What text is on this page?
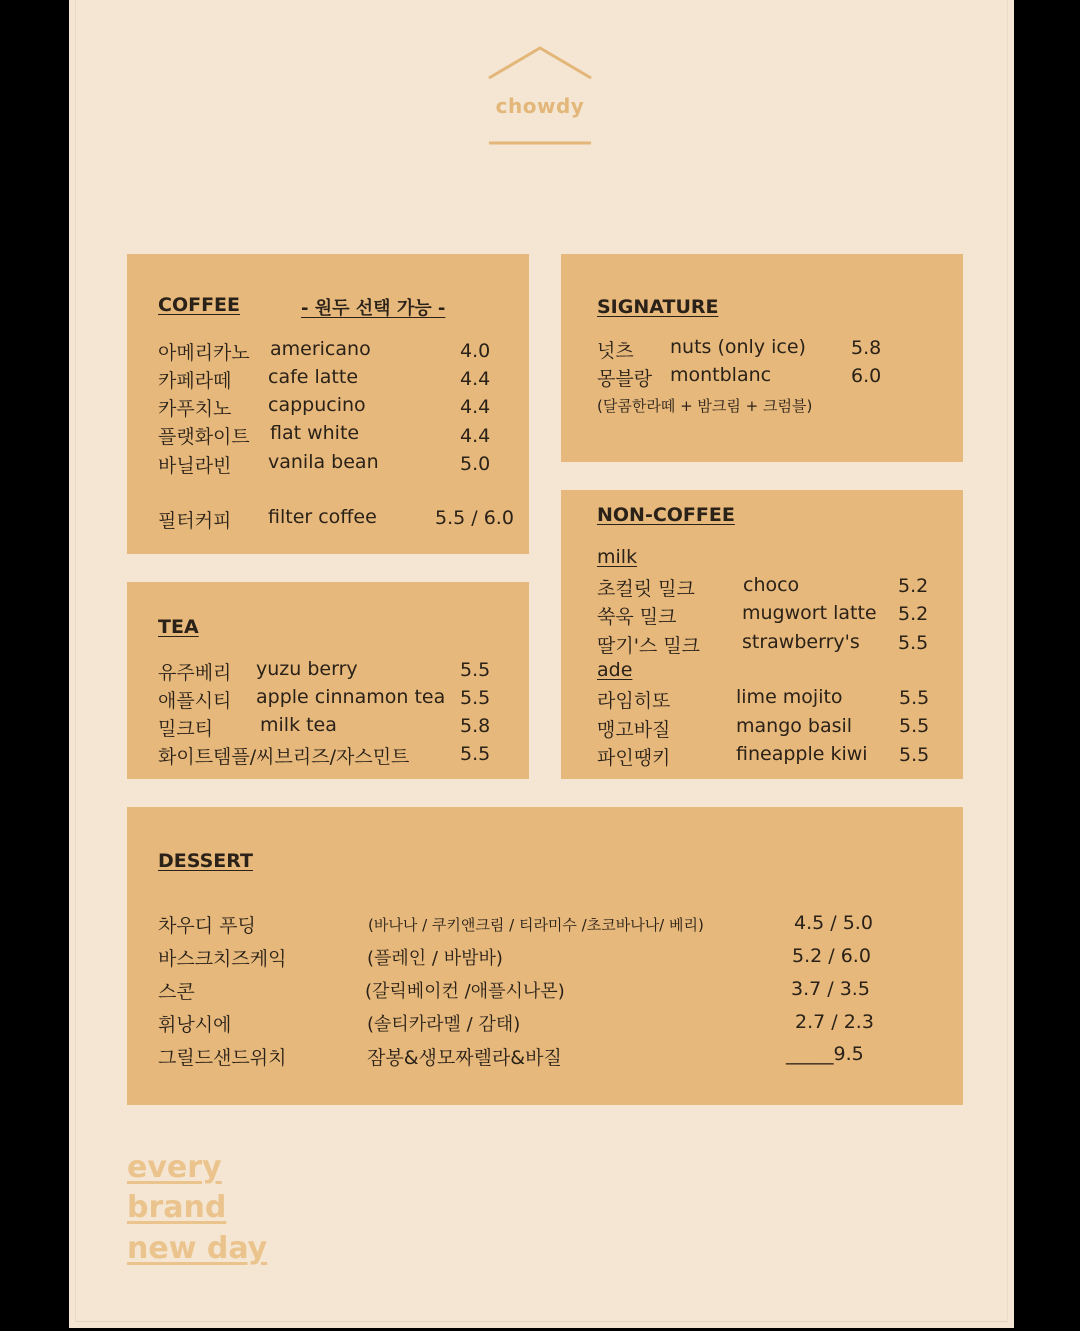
chowdy
COFFEE	- 원두 선택 가능 -
아메리카노 americano	4.0
카페라떼 cafe latte	4.4
카푸치노 cappucino	4.4
플랫화이트 flat white	4.4
바닐라빈 vanila bean	5.0
필터커피 filter coffee	5.5 / 6.0
TEA
유주베리 yuzu berry	5.5
애플시티 apple cinnamon tea 5.5
밀크티 milk tea	5.8
화이트템플/씨브리즈/자스민트	5.5
SIGNATURE
넛츠 nuts (only ice) 5.8
몽블랑 montblanc	6.0
(달콤한라떼 + 밤크림 + 크럼블)
NON-COFFEE
milk
초컬릿 밀크	choco	5.2
쑥욱 밀크	mugwort latte 5.2
딸기'스 밀크 strawberry's 5.5
ade
라임히또	lime mojito	5.5
맹고바질	mango basil 5.5
파인땡키	fineapple kiwi 5.5
DESSERT
차우디 푸딩	(바나나 / 쿠키앤크림 / 티라미수 /초코바나나/ 베리)	4.5 / 5.0
바스크치즈케익	(플레인 / 바밤바)	5.2 / 6.0
스콘	(갈릭베이컨 /애플시나몬)	3.7 / 3.5
휘낭시에	(솔티카라멜 / 감태)	2.7 / 2.3
그릴드샌드위치	잠봉&생모짜렐라&바질	_____9.5
every
brand
new day
